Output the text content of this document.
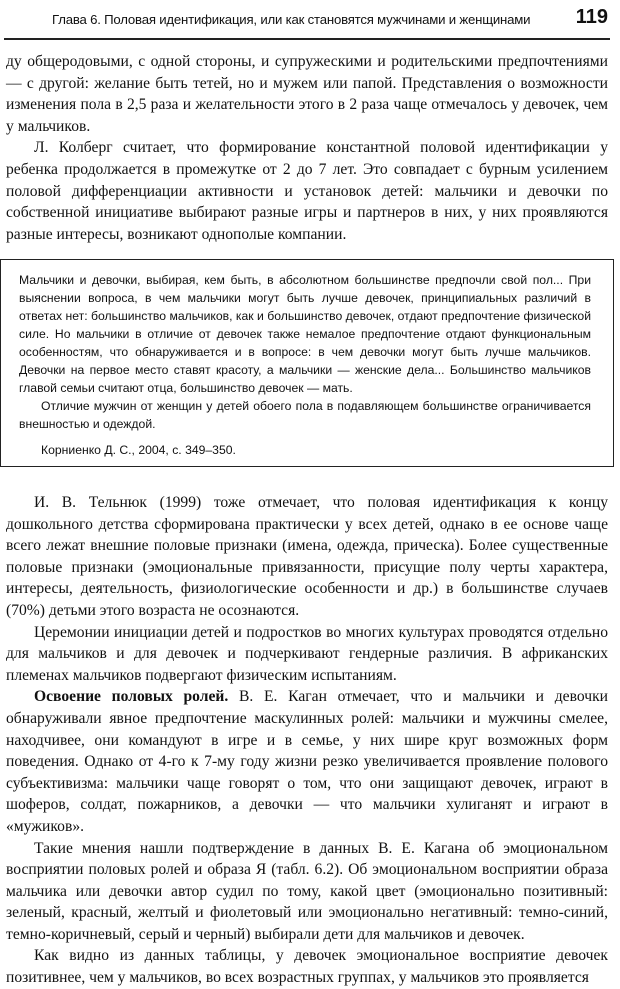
Глава 6. Половая идентификация, или как становятся мужчинами и женщинами 119

ду общеродовыми, с одной стороны, и супружескими и родительскими предпочтениями — с другой: желание быть тетей, но и мужем или папой. Представления о возможности изменения пола в 2,5 раза и желательности этого в 2 раза чаще отмечалось у девочек, чем у мальчиков.

Л. Колберг считает, что формирование константной половой идентификации у ребенка продолжается в промежутке от 2 до 7 лет. Это совпадает с бурным усилением половой дифференциации активности и установок детей: мальчики и девочки по собственной инициативе выбирают разные игры и партнеров в них, у них проявляются разные интересы, возникают однополые компании.

Мальчики и девочки, выбирая, кем быть, в абсолютном большинстве предпочли свой пол... При выяснении вопроса, в чем мальчики могут быть лучше девочек, принципиальных различий в ответах нет: большинство мальчиков, как и большинство девочек, отдают предпочтение физической силе. Но мальчики в отличие от девочек также немалое предпочтение отдают функциональным особенностям, что обнаруживается и в вопросе: в чем девочки могут быть лучше мальчиков. Девочки на первое место ставят красоту, а мальчики — женские дела... Большинство мальчиков главой семьи считают отца, большинство девочек — мать.

Отличие мужчин от женщин у детей обоего пола в подавляющем большинстве ограничивается внешностью и одеждой.

Корниенко Д. С., 2004, с. 349–350.

И. В. Тельнюк (1999) тоже отмечает, что половая идентификация к концу дошкольного детства сформирована практически у всех детей, однако в ее основе чаще всего лежат внешние половые признаки (имена, одежда, прическа). Более существенные половые признаки (эмоциональные привязанности, присущие полу черты характера, интересы, деятельность, физиологические особенности и др.) в большинстве случаев (70%) детьми этого возраста не осознаются.

Церемонии инициации детей и подростков во многих культурах проводятся отдельно для мальчиков и для девочек и подчеркивают гендерные различия. В африканских племенах мальчиков подвергают физическим испытаниям.

Освоение половых ролей. В. Е. Каган отмечает, что и мальчики и девочки обнаруживали явное предпочтение маскулинных ролей: мальчики и мужчины смелее, находчивее, они командуют в игре и в семье, у них шире круг возможных форм поведения. Однако от 4-го к 7-му году жизни резко увеличивается проявление полового субъективизма: мальчики чаще говорят о том, что они защищают девочек, играют в шоферов, солдат, пожарников, а девочки — что мальчики хулиганят и играют в «мужиков».

Такие мнения нашли подтверждение в данных В. Е. Кагана об эмоциональном восприятии половых ролей и образа Я (табл. 6.2). Об эмоциональном восприятии образа мальчика или девочки автор судил по тому, какой цвет (эмоционально позитивный: зеленый, красный, желтый и фиолетовый или эмоционально негативный: темно-синий, темно-коричневый, серый и черный) выбирали дети для мальчиков и девочек.

Как видно из данных таблицы, у девочек эмоциональное восприятие девочек позитивнее, чем у мальчиков, во всех возрастных группах, у мальчиков это проявляется
